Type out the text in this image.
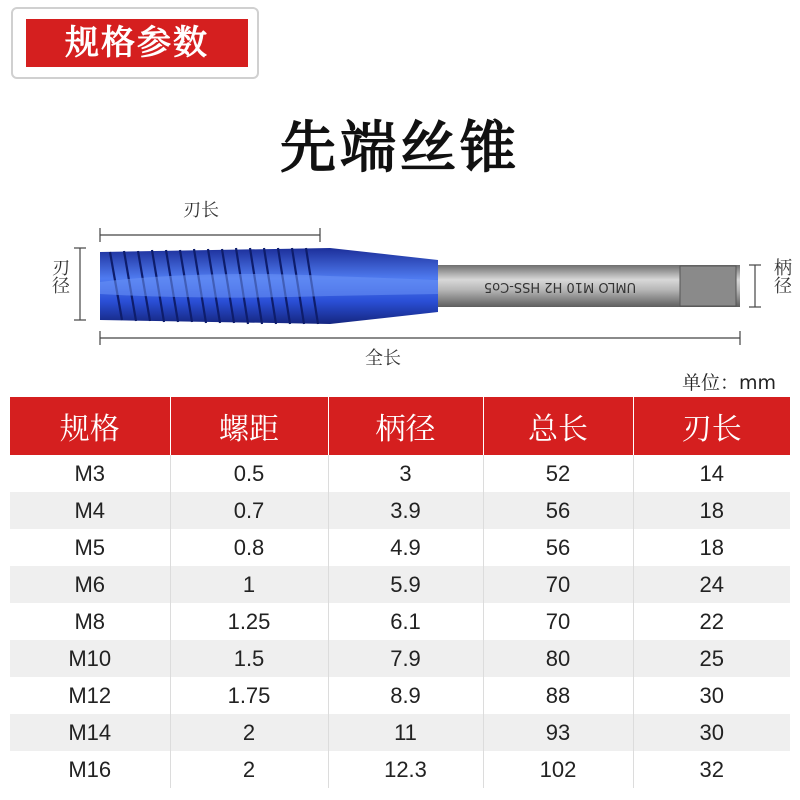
规格参数
先端丝锥
刃长
刃径	柄径
全长
UMLO M10 H2 HSS-Co5
单位：mm
规格	螺距	柄径	总长	刃长
M3	0.5	3	52	14
M4	0.7	3.9	56	18
M5	0.8	4.9	56	18
M6	1	5.9	70	24
M8	1.25	6.1	70	22
M10	1.5	7.9	80	25
M12	1.75	8.9	88	30
M14	2	11	93	30
M16	2	12.3	102	32
